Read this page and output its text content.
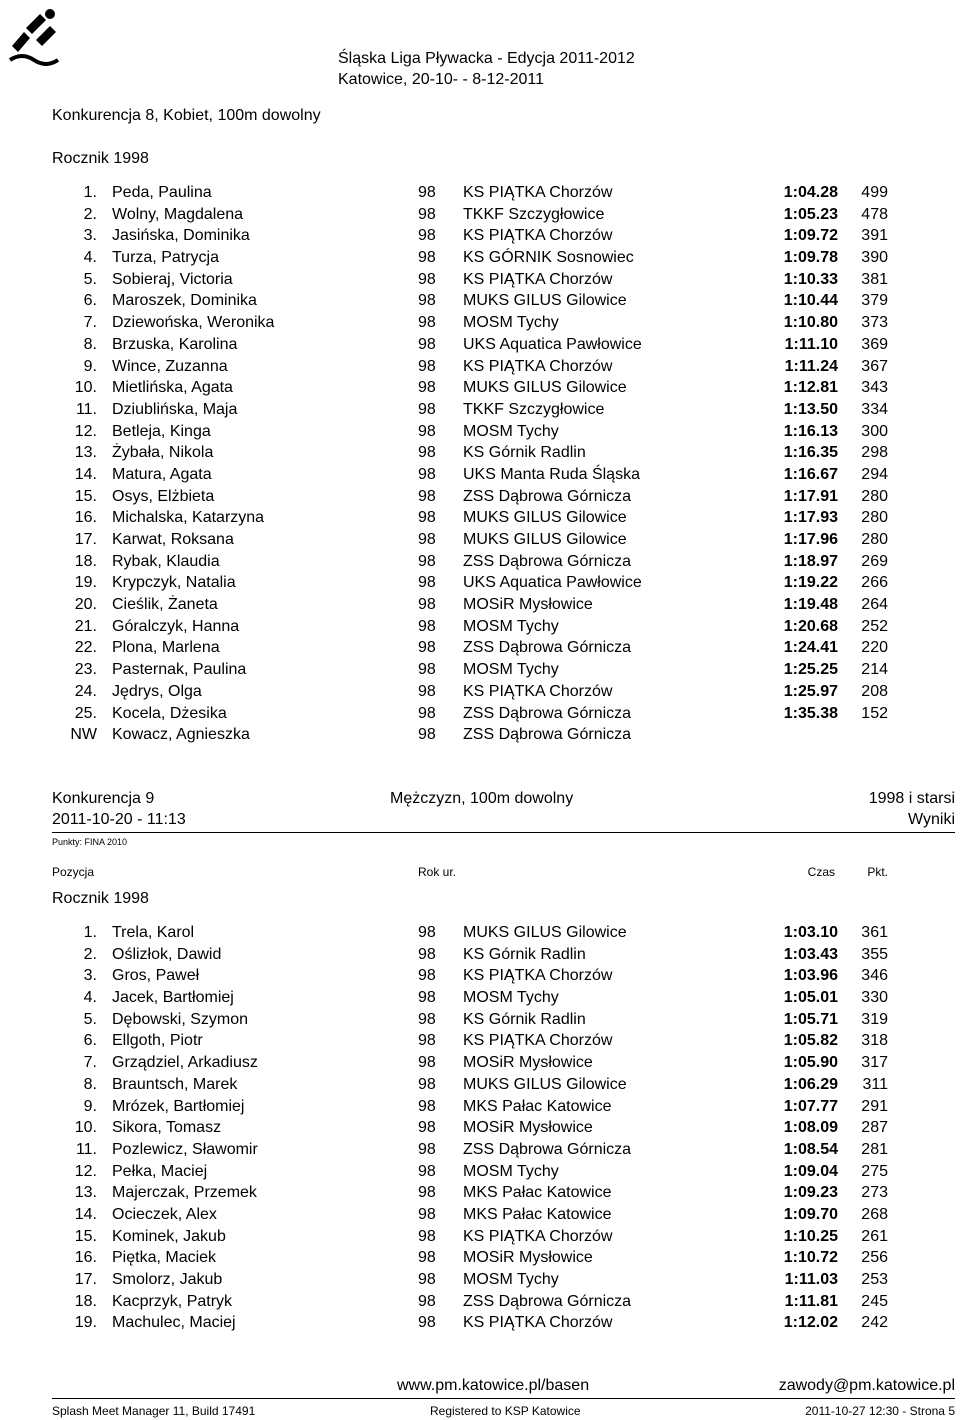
Śląska Liga Pływacka - Edycja 2011-2012
Katowice, 20-10- - 8-12-2011
Konkurencja 8, Kobiet, 100m dowolny
Rocznik 1998
1. Peda, Paulina	98 KS PIĄTKA Chorzów	1:04.28 499
2. Wolny, Magdalena	98 TKKF Szczygłowice	1:05.23 478
3. Jasińska, Dominika	98 KS PIĄTKA Chorzów	1:09.72 391
4. Turza, Patrycja	98 KS GÓRNIK Sosnowiec	1:09.78 390
5. Sobieraj, Victoria	98 KS PIĄTKA Chorzów	1:10.33 381
6. Maroszek, Dominika	98 MUKS GILUS Gilowice	1:10.44 379
7. Dziewońska, Weronika	98 MOSM Tychy	1:10.80 373
8. Brzuska, Karolina	98 UKS Aquatica Pawłowice	1:11.10 369
9. Wince, Zuzanna	98 KS PIĄTKA Chorzów	1:11.24 367
10. Mietlińska, Agata	98 MUKS GILUS Gilowice	1:12.81 343
11. Dziublińska, Maja	98 TKKF Szczygłowice	1:13.50 334
12. Betleja, Kinga	98 MOSM Tychy	1:16.13 300
13. Żybała, Nikola	98 KS Górnik Radlin	1:16.35 298
14. Matura, Agata	98 UKS Manta Ruda Śląska	1:16.67 294
15. Osys, Elżbieta	98 ZSS Dąbrowa Górnicza	1:17.91 280
16. Michalska, Katarzyna	98 MUKS GILUS Gilowice	1:17.93 280
17. Karwat, Roksana	98 MUKS GILUS Gilowice	1:17.96 280
18. Rybak, Klaudia	98 ZSS Dąbrowa Górnicza	1:18.97 269
19. Krypczyk, Natalia	98 UKS Aquatica Pawłowice	1:19.22 266
20. Cieślik, Żaneta	98 MOSiR Mysłowice	1:19.48 264
21. Góralczyk, Hanna	98 MOSM Tychy	1:20.68 252
22. Plona, Marlena	98 ZSS Dąbrowa Górnicza	1:24.41 220
23. Pasternak, Paulina	98 MOSM Tychy	1:25.25 214
24. Jędrys, Olga	98 KS PIĄTKA Chorzów	1:25.97 208
25. Kocela, Dżesika	98 ZSS Dąbrowa Górnicza	1:35.38 152
NW Kowacz, Agnieszka	98 ZSS Dąbrowa Górnicza
Konkurencja 9	Mężczyzn, 100m dowolny	1998 i starsi
2011-10-20 - 11:13	Wyniki
Punkty: FINA 2010
Pozycja	Rok ur.	Czas	Pkt.
Rocznik 1998
1. Trela, Karol	98 MUKS GILUS Gilowice	1:03.10 361
2. Oślizłok, Dawid	98 KS Górnik Radlin	1:03.43 355
3. Gros, Paweł	98 KS PIĄTKA Chorzów	1:03.96 346
4. Jacek, Bartłomiej	98 MOSM Tychy	1:05.01 330
5. Dębowski, Szymon	98 KS Górnik Radlin	1:05.71 319
6. Ellgoth, Piotr	98 KS PIĄTKA Chorzów	1:05.82 318
7. Grządziel, Arkadiusz	98 MOSiR Mysłowice	1:05.90 317
8. Brauntsch, Marek	98 MUKS GILUS Gilowice	1:06.29 311
9. Mrózek, Bartłomiej	98 MKS Pałac Katowice	1:07.77 291
10. Sikora, Tomasz	98 MOSiR Mysłowice	1:08.09 287
11. Pozlewicz, Sławomir	98 ZSS Dąbrowa Górnicza	1:08.54 281
12. Pełka, Maciej	98 MOSM Tychy	1:09.04 275
13. Majerczak, Przemek	98 MKS Pałac Katowice	1:09.23 273
14. Ocieczek, Alex	98 MKS Pałac Katowice	1:09.70 268
15. Kominek, Jakub	98 KS PIĄTKA Chorzów	1:10.25 261
16. Piętka, Maciek	98 MOSiR Mysłowice	1:10.72 256
17. Smolorz, Jakub	98 MOSM Tychy	1:11.03 253
18. Kacprzyk, Patryk	98 ZSS Dąbrowa Górnicza	1:11.81 245
19. Machulec, Maciej	98 KS PIĄTKA Chorzów	1:12.02 242
www.pm.katowice.pl/basen	zawody@pm.katowice.pl
Splash Meet Manager 11, Build 17491	Registered to KSP Katowice	2011-10-27 12:30 - Strona 5
